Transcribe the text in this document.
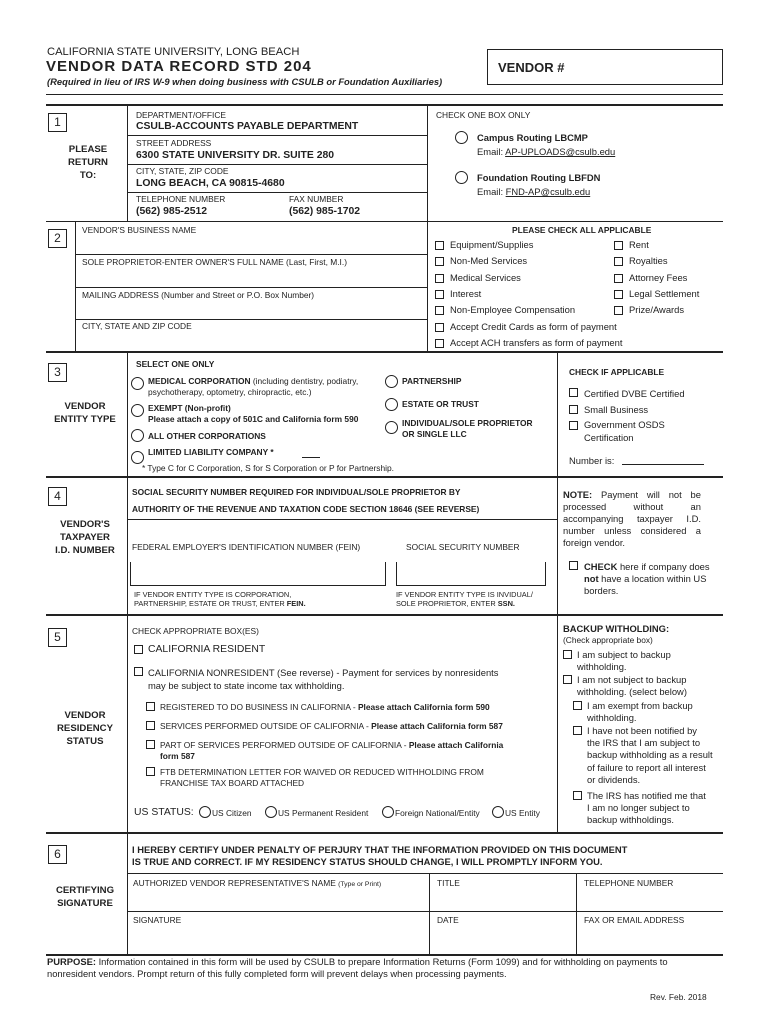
CALIFORNIA STATE UNIVERSITY, LONG BEACH
VENDOR DATA RECORD STD 204
(Required in lieu of IRS W-9 when doing business with CSULB or Foundation Auxiliaries)
VENDOR #
1
PLEASE
RETURN
TO:
DEPARTMENT/OFFICE
CSULB-ACCOUNTS PAYABLE DEPARTMENT
STREET ADDRESS
6300 STATE UNIVERSITY DR. SUITE 280
CITY, STATE, ZIP CODE
LONG BEACH, CA 90815-4680
TELEPHONE NUMBER	FAX NUMBER
(562) 985-2512	(562) 985-1702
CHECK ONE BOX ONLY
Campus Routing LBCMP
Email: AP-UPLOADS@csulb.edu
Foundation Routing LBFDN
Email: FND-AP@csulb.edu
2
VENDOR'S BUSINESS NAME
SOLE PROPRIETOR-ENTER OWNER'S FULL NAME (Last, First, M.I.)
MAILING ADDRESS (Number and Street or P.O. Box Number)
CITY, STATE AND ZIP CODE
PLEASE CHECK ALL APPLICABLE
Equipment/Supplies
Non-Med Services
Medical Services
Interest
Non-Employee Compensation
Accept Credit Cards as form of payment
Accept ACH transfers as form of payment
Rent
Royalties
Attorney Fees
Legal Settlement
Prize/Awards
3
VENDOR
ENTITY TYPE
SELECT ONE ONLY
MEDICAL CORPORATION (including dentistry, podiatry,
psychotherapy, optometry, chiropractic, etc.)
EXEMPT (Non-profit)
Please attach a copy of 501C and California form 590
ALL OTHER CORPORATIONS
LIMITED LIABILITY COMPANY *
* Type C for C Corporation, S for S Corporation or P for Partnership.
PARTNERSHIP
ESTATE OR TRUST
INDIVIDUAL/SOLE PROPRIETOR
OR SINGLE LLC
CHECK IF APPLICABLE
Certified DVBE Certified
Small Business
Government OSDS
Certification
Number is:
4
VENDOR'S
TAXPAYER
I.D. NUMBER
SOCIAL SECURITY NUMBER REQUIRED FOR INDIVIDUAL/SOLE PROPRIETOR BY
AUTHORITY OF THE REVENUE AND TAXATION CODE SECTION 18646 (SEE REVERSE)
FEDERAL EMPLOYER'S IDENTIFICATION NUMBER (FEIN)	SOCIAL SECURITY NUMBER
IF VENDOR ENTITY TYPE IS CORPORATION,
PARTNERSHIP, ESTATE OR TRUST, ENTER FEIN.
IF VENDOR ENTITY TYPE IS INVIDUAL/
SOLE PROPRIETOR, ENTER SSN.
NOTE: Payment will not be processed without an accompanying taxpayer I.D. number unless considered a foreign vendor.
CHECK here if company does
not have a location within US
borders.
5
VENDOR
RESIDENCY
STATUS
CHECK APPROPRIATE BOX(ES)
CALIFORNIA RESIDENT
CALIFORNIA NONRESIDENT (See reverse) - Payment for services by nonresidents
may be subject to state income tax withholding.
REGISTERED TO DO BUSINESS IN CALIFORNIA - Please attach California form 590
SERVICES PERFORMED OUTSIDE OF CALIFORNIA - Please attach California form 587
PART OF SERVICES PERFORMED OUTSIDE OF CALIFORNIA - Please attach California
form 587
FTB DETERMINATION LETTER FOR WAIVED OR REDUCED WITHHOLDING FROM
FRANCHISE TAX BOARD ATTACHED
US STATUS: US Citizen	US Permanent Resident	Foreign National/Entity	US Entity
BACKUP WITHOLDING:
(Check appropriate box)
I am subject to backup
withholding.
I am not subject to backup
withholding. (select below)
I am exempt from backup
withholding.
I have not been notified by
the IRS that I am subject to
backup withholding as a result
of failure to report all interest
or dividends.
The IRS has notified me that
I am no longer subject to
backup withholdings.
6
CERTIFYING
SIGNATURE
I HEREBY CERTIFY UNDER PENALTY OF PERJURY THAT THE INFORMATION PROVIDED ON THIS DOCUMENT
IS TRUE AND CORRECT. IF MY RESIDENCY STATUS SHOULD CHANGE, I WILL PROMPTLY INFORM YOU.
AUTHORIZED VENDOR REPRESENTATIVE'S NAME (Type or Print)	TITLE	TELEPHONE NUMBER
SIGNATURE	DATE	FAX OR EMAIL ADDRESS
PURPOSE: Information contained in this form will be used by CSULB to prepare Information Returns (Form 1099) and for withholding on payments to
nonresident vendors. Prompt return of this fully completed form will prevent delays when processing payments.
Rev. Feb. 2018
